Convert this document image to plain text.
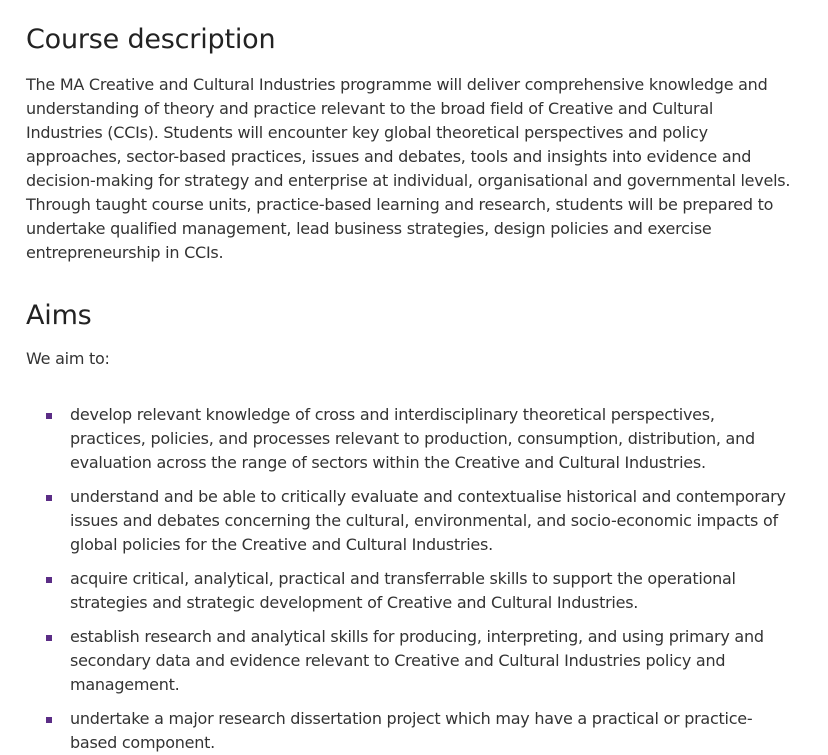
Course description

The MA Creative and Cultural Industries programme will deliver comprehensive knowledge and understanding of theory and practice relevant to the broad field of Creative and Cultural Industries (CCIs). Students will encounter key global theoretical perspectives and policy approaches, sector-based practices, issues and debates, tools and insights into evidence and decision-making for strategy and enterprise at individual, organisational and governmental levels. Through taught course units, practice-based learning and research, students will be prepared to undertake qualified management, lead business strategies, design policies and exercise entrepreneurship in CCIs.

Aims

We aim to:

develop relevant knowledge of cross and interdisciplinary theoretical perspectives, practices, policies, and processes relevant to production, consumption, distribution, and evaluation across the range of sectors within the Creative and Cultural Industries.
understand and be able to critically evaluate and contextualise historical and contemporary issues and debates concerning the cultural, environmental, and socio-economic impacts of global policies for the Creative and Cultural Industries.
acquire critical, analytical, practical and transferrable skills to support the operational strategies and strategic development of Creative and Cultural Industries.
establish research and analytical skills for producing, interpreting, and using primary and secondary data and evidence relevant to Creative and Cultural Industries policy and management.
undertake a major research dissertation project which may have a practical or practice-based component.
